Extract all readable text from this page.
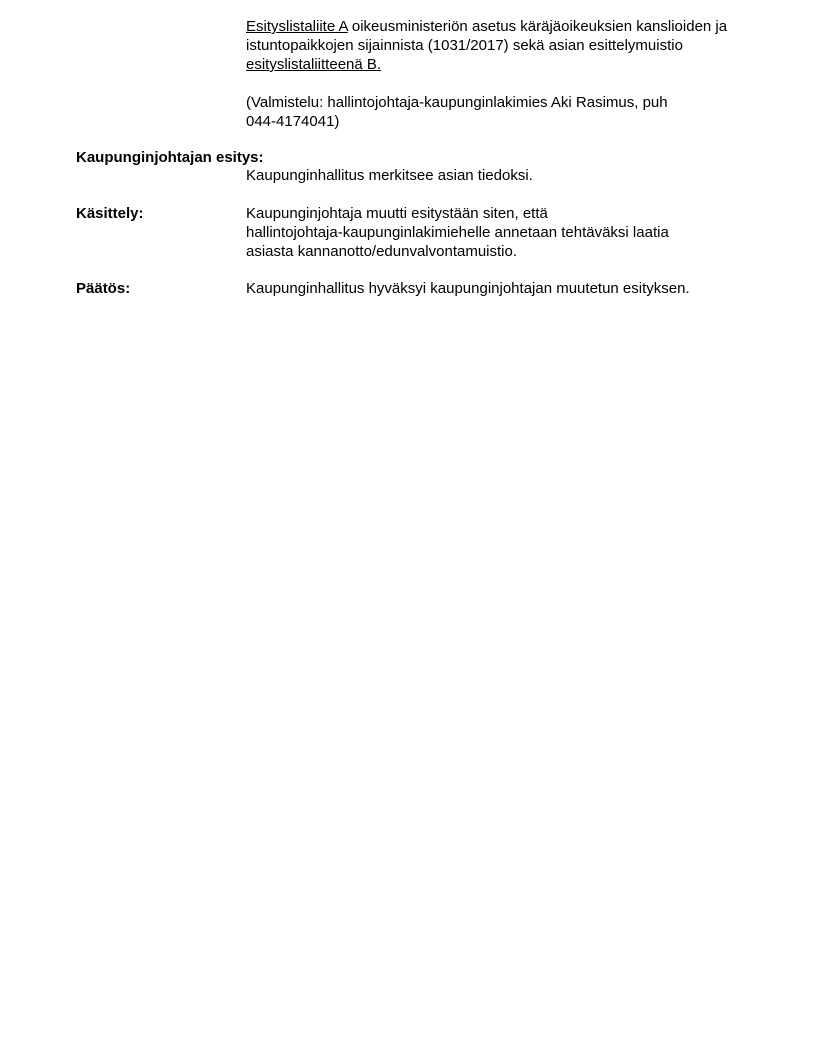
Esityslistaliite A oikeusministeriön asetus käräjäoikeuksien kanslioiden ja istuntopaikkojen sijainnista (1031/2017) sekä asian esittelymuistio esityslistaliitteenä B.
(Valmistelu: hallintojohtaja-kaupunginlakimies Aki Rasimus, puh
044-4174041)
Kaupunginjohtajan esitys:
Kaupunginhallitus merkitsee asian tiedoksi.
Käsittely:	Kaupunginjohtaja muutti esitystään siten, että
hallintojohtaja-kaupunginlakimiehelle annetaan tehtäväksi laatia
asiasta kannanotto/edunvalvontamuistio.
Päätös:	Kaupunginhallitus hyväksyi kaupunginjohtajan muutetun esityksen.
